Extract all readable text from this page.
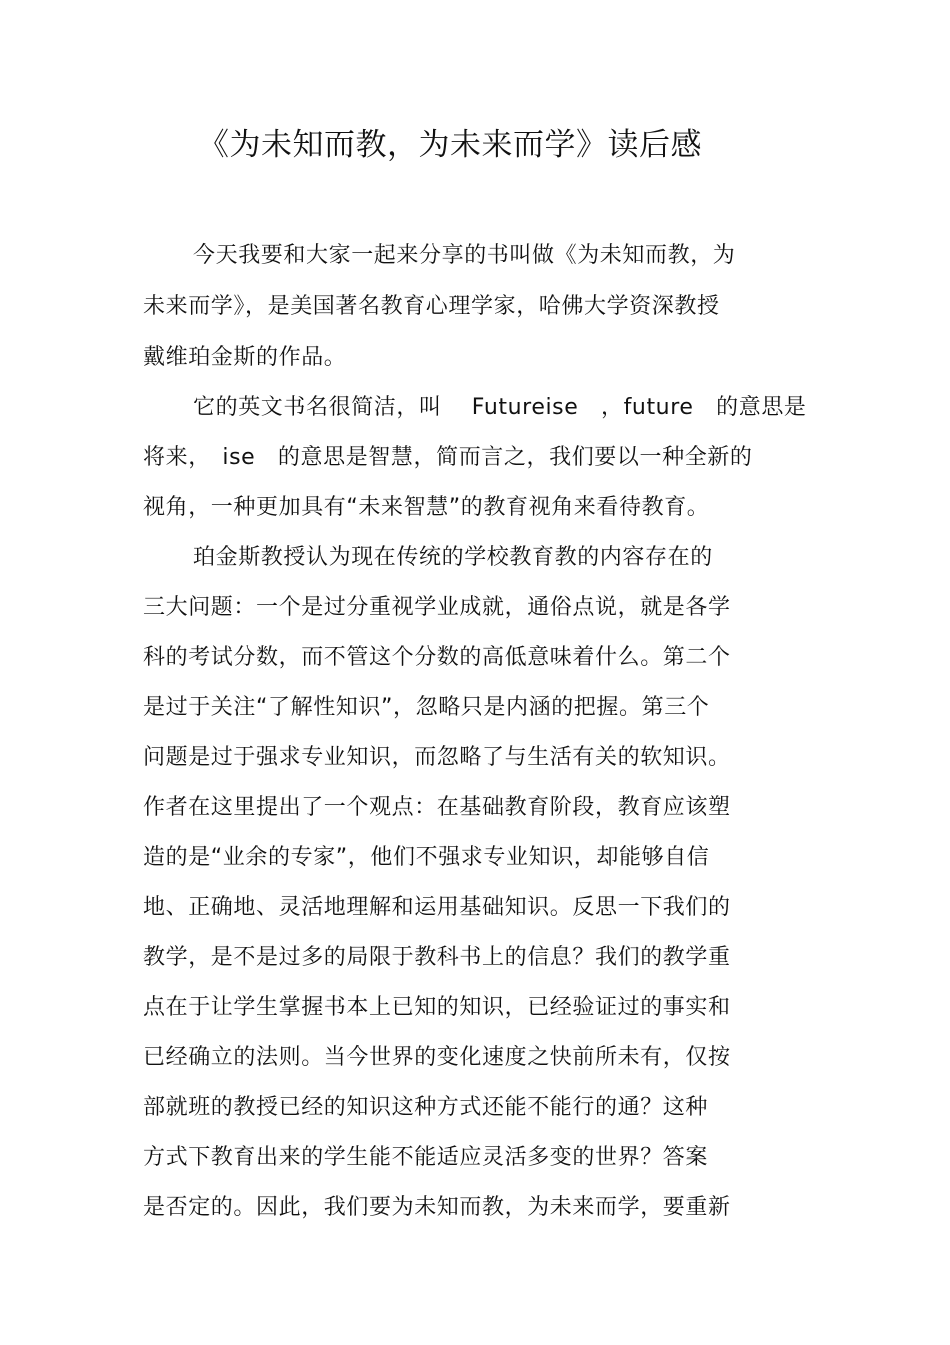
《为未知而教，为未来而学》读后感
今天我要和大家一起来分享的书叫做《为未知而教，为
未来而学》，是美国著名教育心理学家，哈佛大学资深教授
戴维珀金斯的作品。
它的英文书名很简洁，叫 　Futureise　，future　的意思是
将来，　ise　的意思是智慧，简而言之，我们要以一种全新的
视角，一种更加具有“未来智慧”的教育视角来看待教育。
珀金斯教授认为现在传统的学校教育教的内容存在的
三大问题：一个是过分重视学业成就，通俗点说，就是各学
科的考试分数，而不管这个分数的高低意味着什么。第二个
是过于关注“了解性知识”，忽略只是内涵的把握。第三个
问题是过于强求专业知识，而忽略了与生活有关的软知识。
作者在这里提出了一个观点：在基础教育阶段，教育应该塑
造的是“业余的专家”，他们不强求专业知识，却能够自信
地、正确地、灵活地理解和运用基础知识。反思一下我们的
教学，是不是过多的局限于教科书上的信息？我们的教学重
点在于让学生掌握书本上已知的知识，已经验证过的事实和
已经确立的法则。当今世界的变化速度之快前所未有，仅按
部就班的教授已经的知识这种方式还能不能行的通？这种
方式下教育出来的学生能不能适应灵活多变的世界？答案
是否定的。因此，我们要为未知而教，为未来而学，要重新
